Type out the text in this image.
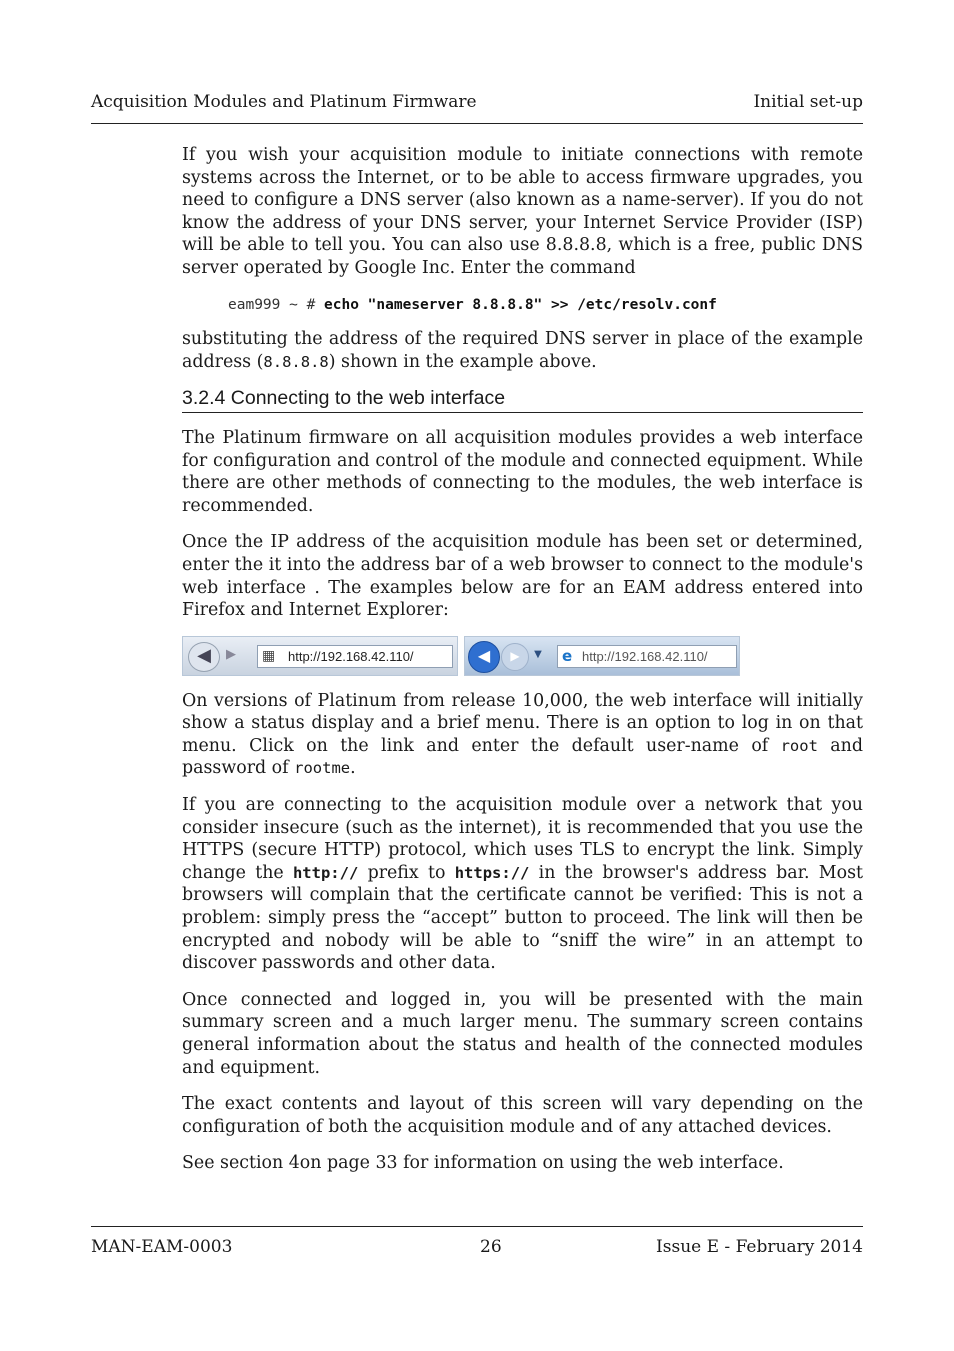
Acquisition Modules and Platinum Firmware	Initial set-up

If you wish your acquisition module to initiate connections with remote systems across the Internet, or to be able to access firmware upgrades, you need to configure a DNS server (also known as a name-server). If you do not know the address of your DNS server, your Internet Service Provider (ISP) will be able to tell you. You can also use 8.8.8.8, which is a free, public DNS server operated by Google Inc. Enter the command

eam999 ~ # echo "nameserver 8.8.8.8" >> /etc/resolv.conf

substituting the address of the required DNS server in place of the example address (8.8.8.8) shown in the example above.

3.2.4 Connecting to the web interface

The Platinum firmware on all acquisition modules provides a web interface for configuration and control of the module and connected equipment. While there are other methods of connecting to the modules, the web interface is recommended.

Once the IP address of the acquisition module has been set or determined, enter the it into the address bar of a web browser to connect to the module's web interface . The examples below are for an EAM address entered into Firefox and Internet Explorer:

◀	▶	▦ http://192.168.42.110/	◀	▶	▼ e http://192.168.42.110/

On versions of Platinum from release 10,000, the web interface will initially show a status display and a brief menu. There is an option to log in on that menu. Click on the link and enter the default user-name of root and password of rootme.

If you are connecting to the acquisition module over a network that you consider insecure (such as the internet), it is recommended that you use the HTTPS (secure HTTP) protocol, which uses TLS to encrypt the link. Simply change the http:// prefix to https:// in the browser's address bar. Most browsers will complain that the certificate cannot be verified: This is not a problem: simply press the “accept” button to proceed. The link will then be encrypted and nobody will be able to “sniff the wire” in an attempt to discover passwords and other data.

Once connected and logged in, you will be presented with the main summary screen and a much larger menu. The summary screen contains general information about the status and health of the connected modules and equipment.

The exact contents and layout of this screen will vary depending on the configuration of both the acquisition module and of any attached devices.

See section 4on page 33 for information on using the web interface.

MAN-EAM-0003	26	Issue E - February 2014
